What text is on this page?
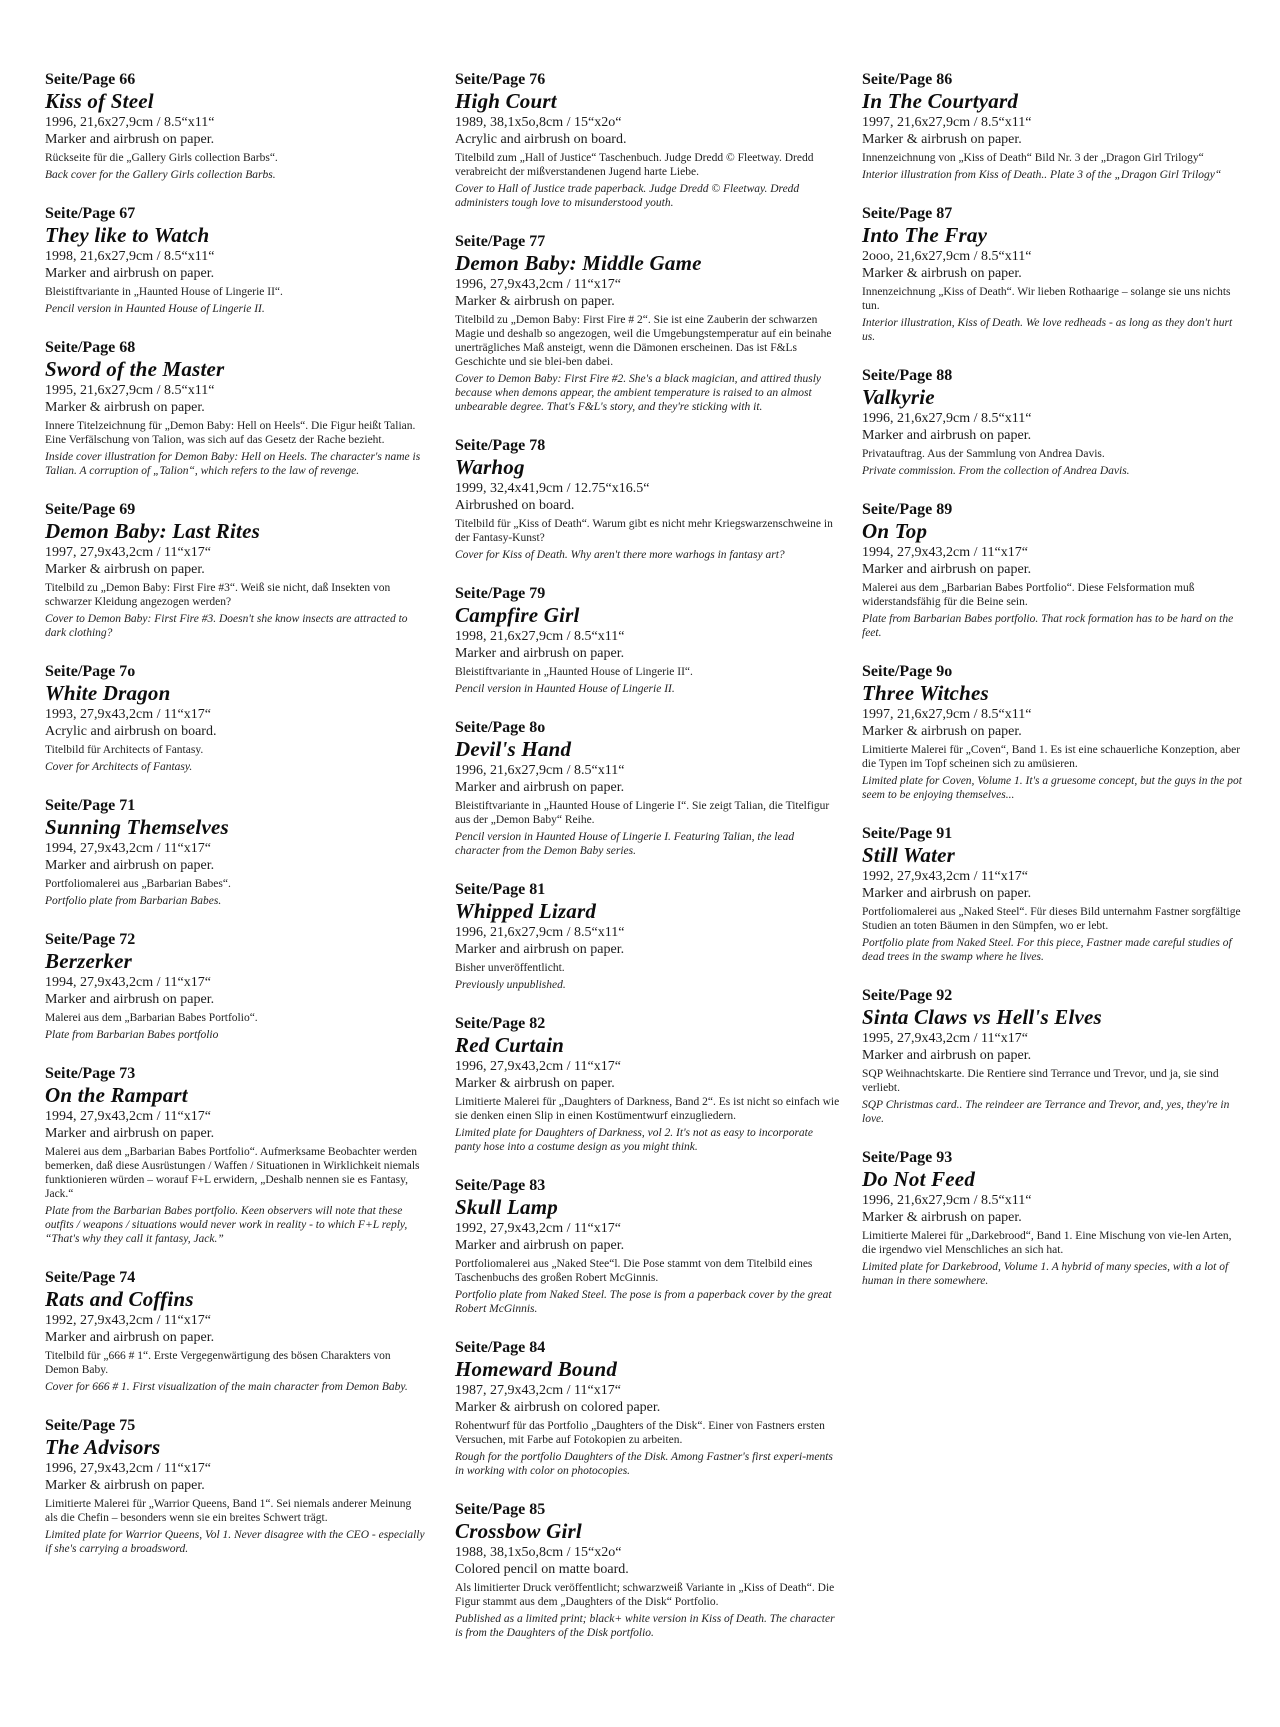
Seite/Page 66
Kiss of Steel
1996, 21,6x27,9cm / 8.5“x11“
Marker and airbrush on paper.
Rückseite für die „Gallery Girls collection Barbs“.
Back cover for the Gallery Girls collection Barbs.
Seite/Page 67
They like to Watch
1998, 21,6x27,9cm / 8.5“x11“
Marker and airbrush on paper.
Bleistiftvariante in „Haunted House of Lingerie II“.
Pencil version in Haunted House of Lingerie II.
Seite/Page 68
Sword of the Master
1995, 21,6x27,9cm / 8.5“x11“
Marker & airbrush on paper.
Innere Titelzeichnung für „Demon Baby: Hell on Heels“. Die Figur heißt Talian. Eine Verfälschung von Talion, was sich auf das Gesetz der Rache bezieht.
Inside cover illustration for Demon Baby: Hell on Heels. The character's name is Talian. A corruption of „Talion“, which refers to the law of revenge.
Seite/Page 69
Demon Baby: Last Rites
1997, 27,9x43,2cm / 11“x17“
Marker & airbrush on paper.
Titelbild zu „Demon Baby: First Fire #3“. Weiß sie nicht, daß Insekten von schwarzer Kleidung angezogen werden?
Cover to Demon Baby: First Fire #3. Doesn't she know insects are attracted to dark clothing?
Seite/Page 7o
White Dragon
1993, 27,9x43,2cm / 11“x17“
Acrylic and airbrush on board.
Titelbild für Architects of Fantasy.
Cover for Architects of Fantasy.
Seite/Page 71
Sunning Themselves
1994, 27,9x43,2cm / 11“x17“
Marker and airbrush on paper.
Portfoliomalerei aus „Barbarian Babes“.
Portfolio plate from Barbarian Babes.
Seite/Page 72
Berzerker
1994, 27,9x43,2cm / 11“x17“
Marker and airbrush on paper.
Malerei aus dem „Barbarian Babes Portfolio“.
Plate from Barbarian Babes portfolio
Seite/Page 73
On the Rampart
1994, 27,9x43,2cm / 11“x17“
Marker and airbrush on paper.
Malerei aus dem „Barbarian Babes Portfolio“. Aufmerksame Beobachter werden bemerken, daß diese Ausrüstungen / Waffen / Situationen in Wirklichkeit niemals funktionieren würden – worauf F+L erwidern, „Deshalb nennen sie es Fantasy, Jack.“
Plate from the Barbarian Babes portfolio. Keen observers will note that these outfits / weapons / situations would never work in reality - to which F+L reply, “That's why they call it fantasy, Jack.”
Seite/Page 74
Rats and Coffins
1992, 27,9x43,2cm / 11“x17“
Marker and airbrush on paper.
Titelbild für „666 # 1“. Erste Vergegenwärtigung des bösen Charakters von Demon Baby.
Cover for 666 # 1. First visualization of the main character from Demon Baby.
Seite/Page 75
The Advisors
1996, 27,9x43,2cm / 11“x17“
Marker & airbrush on paper.
Limitierte Malerei für „Warrior Queens, Band 1“. Sei niemals anderer Meinung als die Chefin – besonders wenn sie ein breites Schwert trägt.
Limited plate for Warrior Queens, Vol 1. Never disagree with the CEO - especially if she's carrying a broadsword.
Seite/Page 76
High Court
1989, 38,1x5o,8cm / 15“x2o“
Acrylic and airbrush on board.
Titelbild zum „Hall of Justice“ Taschenbuch. Judge Dredd © Fleetway. Dredd verabreicht der mißverstandenen Jugend harte Liebe.
Cover to Hall of Justice trade paperback. Judge Dredd © Fleetway. Dredd administers tough love to misunderstood youth.
Seite/Page 77
Demon Baby: Middle Game
1996, 27,9x43,2cm / 11“x17“
Marker & airbrush on paper.
Titelbild zu „Demon Baby: First Fire # 2“. Sie ist eine Zauberin der schwarzen Magie und deshalb so angezogen, weil die Umgebungstemperatur auf ein beinahe unerträgliches Maß ansteigt, wenn die Dämonen erscheinen. Das ist F&Ls Geschichte und sie blei-ben dabei.
Cover to Demon Baby: First Fire #2. She's a black magician, and attired thusly because when demons appear, the ambient temperature is raised to an almost unbearable degree. That's F&L's story, and they're sticking with it.
Seite/Page 78
Warhog
1999, 32,4x41,9cm / 12.75“x16.5“
Airbrushed on board.
Titelbild für „Kiss of Death“. Warum gibt es nicht mehr Kriegswarzenschweine in der Fantasy-Kunst?
Cover for Kiss of Death. Why aren't there more warhogs in fantasy art?
Seite/Page 79
Campfire Girl
1998, 21,6x27,9cm / 8.5“x11“
Marker and airbrush on paper.
Bleistiftvariante in „Haunted House of Lingerie II“.
Pencil version in Haunted House of Lingerie II.
Seite/Page 8o
Devil's Hand
1996, 21,6x27,9cm / 8.5“x11“
Marker and airbrush on paper.
Bleistiftvariante in „Haunted House of Lingerie I“. Sie zeigt Talian, die Titelfigur aus der „Demon Baby“ Reihe.
Pencil version in Haunted House of Lingerie I. Featuring Talian, the lead character from the Demon Baby series.
Seite/Page 81
Whipped Lizard
1996, 21,6x27,9cm / 8.5“x11“
Marker and airbrush on paper.
Bisher unveröffentlicht.
Previously unpublished.
Seite/Page 82
Red Curtain
1996, 27,9x43,2cm / 11“x17“
Marker & airbrush on paper.
Limitierte Malerei für „Daughters of Darkness, Band 2“. Es ist nicht so einfach wie sie denken einen Slip in einen Kostümentwurf einzugliedern.
Limited plate for Daughters of Darkness, vol 2. It's not as easy to incorporate panty hose into a costume design as you might think.
Seite/Page 83
Skull Lamp
1992, 27,9x43,2cm / 11“x17“
Marker and airbrush on paper.
Portfoliomalerei aus „Naked Stee“l. Die Pose stammt von dem Titelbild eines Taschenbuchs des großen Robert McGinnis.
Portfolio plate from Naked Steel. The pose is from a paperback cover by the great Robert McGinnis.
Seite/Page 84
Homeward Bound
1987, 27,9x43,2cm / 11“x17“
Marker & airbrush on colored paper.
Rohentwurf für das Portfolio „Daughters of the Disk“. Einer von Fastners ersten Versuchen, mit Farbe auf Fotokopien zu arbeiten.
Rough for the portfolio Daughters of the Disk. Among Fastner's first experi-ments in working with color on photocopies.
Seite/Page 85
Crossbow Girl
1988, 38,1x5o,8cm / 15“x2o“
Colored pencil on matte board.
Als limitierter Druck veröffentlicht; schwarzweiß Variante in „Kiss of Death“. Die Figur stammt aus dem „Daughters of the Disk“ Portfolio.
Published as a limited print; black+ white version in Kiss of Death. The character is from the Daughters of the Disk portfolio.
Seite/Page 86
In The Courtyard
1997, 21,6x27,9cm / 8.5“x11“
Marker & airbrush on paper.
Innenzeichnung von „Kiss of Death“ Bild Nr. 3 der „Dragon Girl Trilogy“
Interior illustration from Kiss of Death.. Plate 3 of the „Dragon Girl Trilogy“
Seite/Page 87
Into The Fray
2ooo, 21,6x27,9cm / 8.5“x11“
Marker & airbrush on paper.
Innenzeichnung „Kiss of Death“. Wir lieben Rothaarige – solange sie uns nichts tun.
Interior illustration, Kiss of Death. We love redheads - as long as they don't hurt us.
Seite/Page 88
Valkyrie
1996, 21,6x27,9cm / 8.5“x11“
Marker and airbrush on paper.
Privatauftrag. Aus der Sammlung von Andrea Davis.
Private commission. From the collection of Andrea Davis.
Seite/Page 89
On Top
1994, 27,9x43,2cm / 11“x17“
Marker and airbrush on paper.
Malerei aus dem „Barbarian Babes Portfolio“. Diese Felsformation muß widerstandsfähig für die Beine sein.
Plate from Barbarian Babes portfolio. That rock formation has to be hard on the feet.
Seite/Page 9o
Three Witches
1997, 21,6x27,9cm / 8.5“x11“
Marker & airbrush on paper.
Limitierte Malerei für „Coven“, Band 1. Es ist eine schauerliche Konzeption, aber die Typen im Topf scheinen sich zu amüsieren.
Limited plate for Coven, Volume 1. It's a gruesome concept, but the guys in the pot seem to be enjoying themselves...
Seite/Page 91
Still Water
1992, 27,9x43,2cm / 11“x17“
Marker and airbrush on paper.
Portfoliomalerei aus „Naked Steel“. Für dieses Bild unternahm Fastner sorgfältige Studien an toten Bäumen in den Sümpfen, wo er lebt.
Portfolio plate from Naked Steel. For this piece, Fastner made careful studies of dead trees in the swamp where he lives.
Seite/Page 92
Sinta Claws vs Hell's Elves
1995, 27,9x43,2cm / 11“x17“
Marker and airbrush on paper.
SQP Weihnachtskarte. Die Rentiere sind Terrance und Trevor, und ja, sie sind verliebt.
SQP Christmas card.. The reindeer are Terrance and Trevor, and, yes, they're in love.
Seite/Page 93
Do Not Feed
1996, 21,6x27,9cm / 8.5“x11“
Marker & airbrush on paper.
Limitierte Malerei für „Darkebrood“, Band 1. Eine Mischung von vie-len Arten, die irgendwo viel Menschliches an sich hat.
Limited plate for Darkebrood, Volume 1. A hybrid of many species, with a lot of human in there somewhere.
